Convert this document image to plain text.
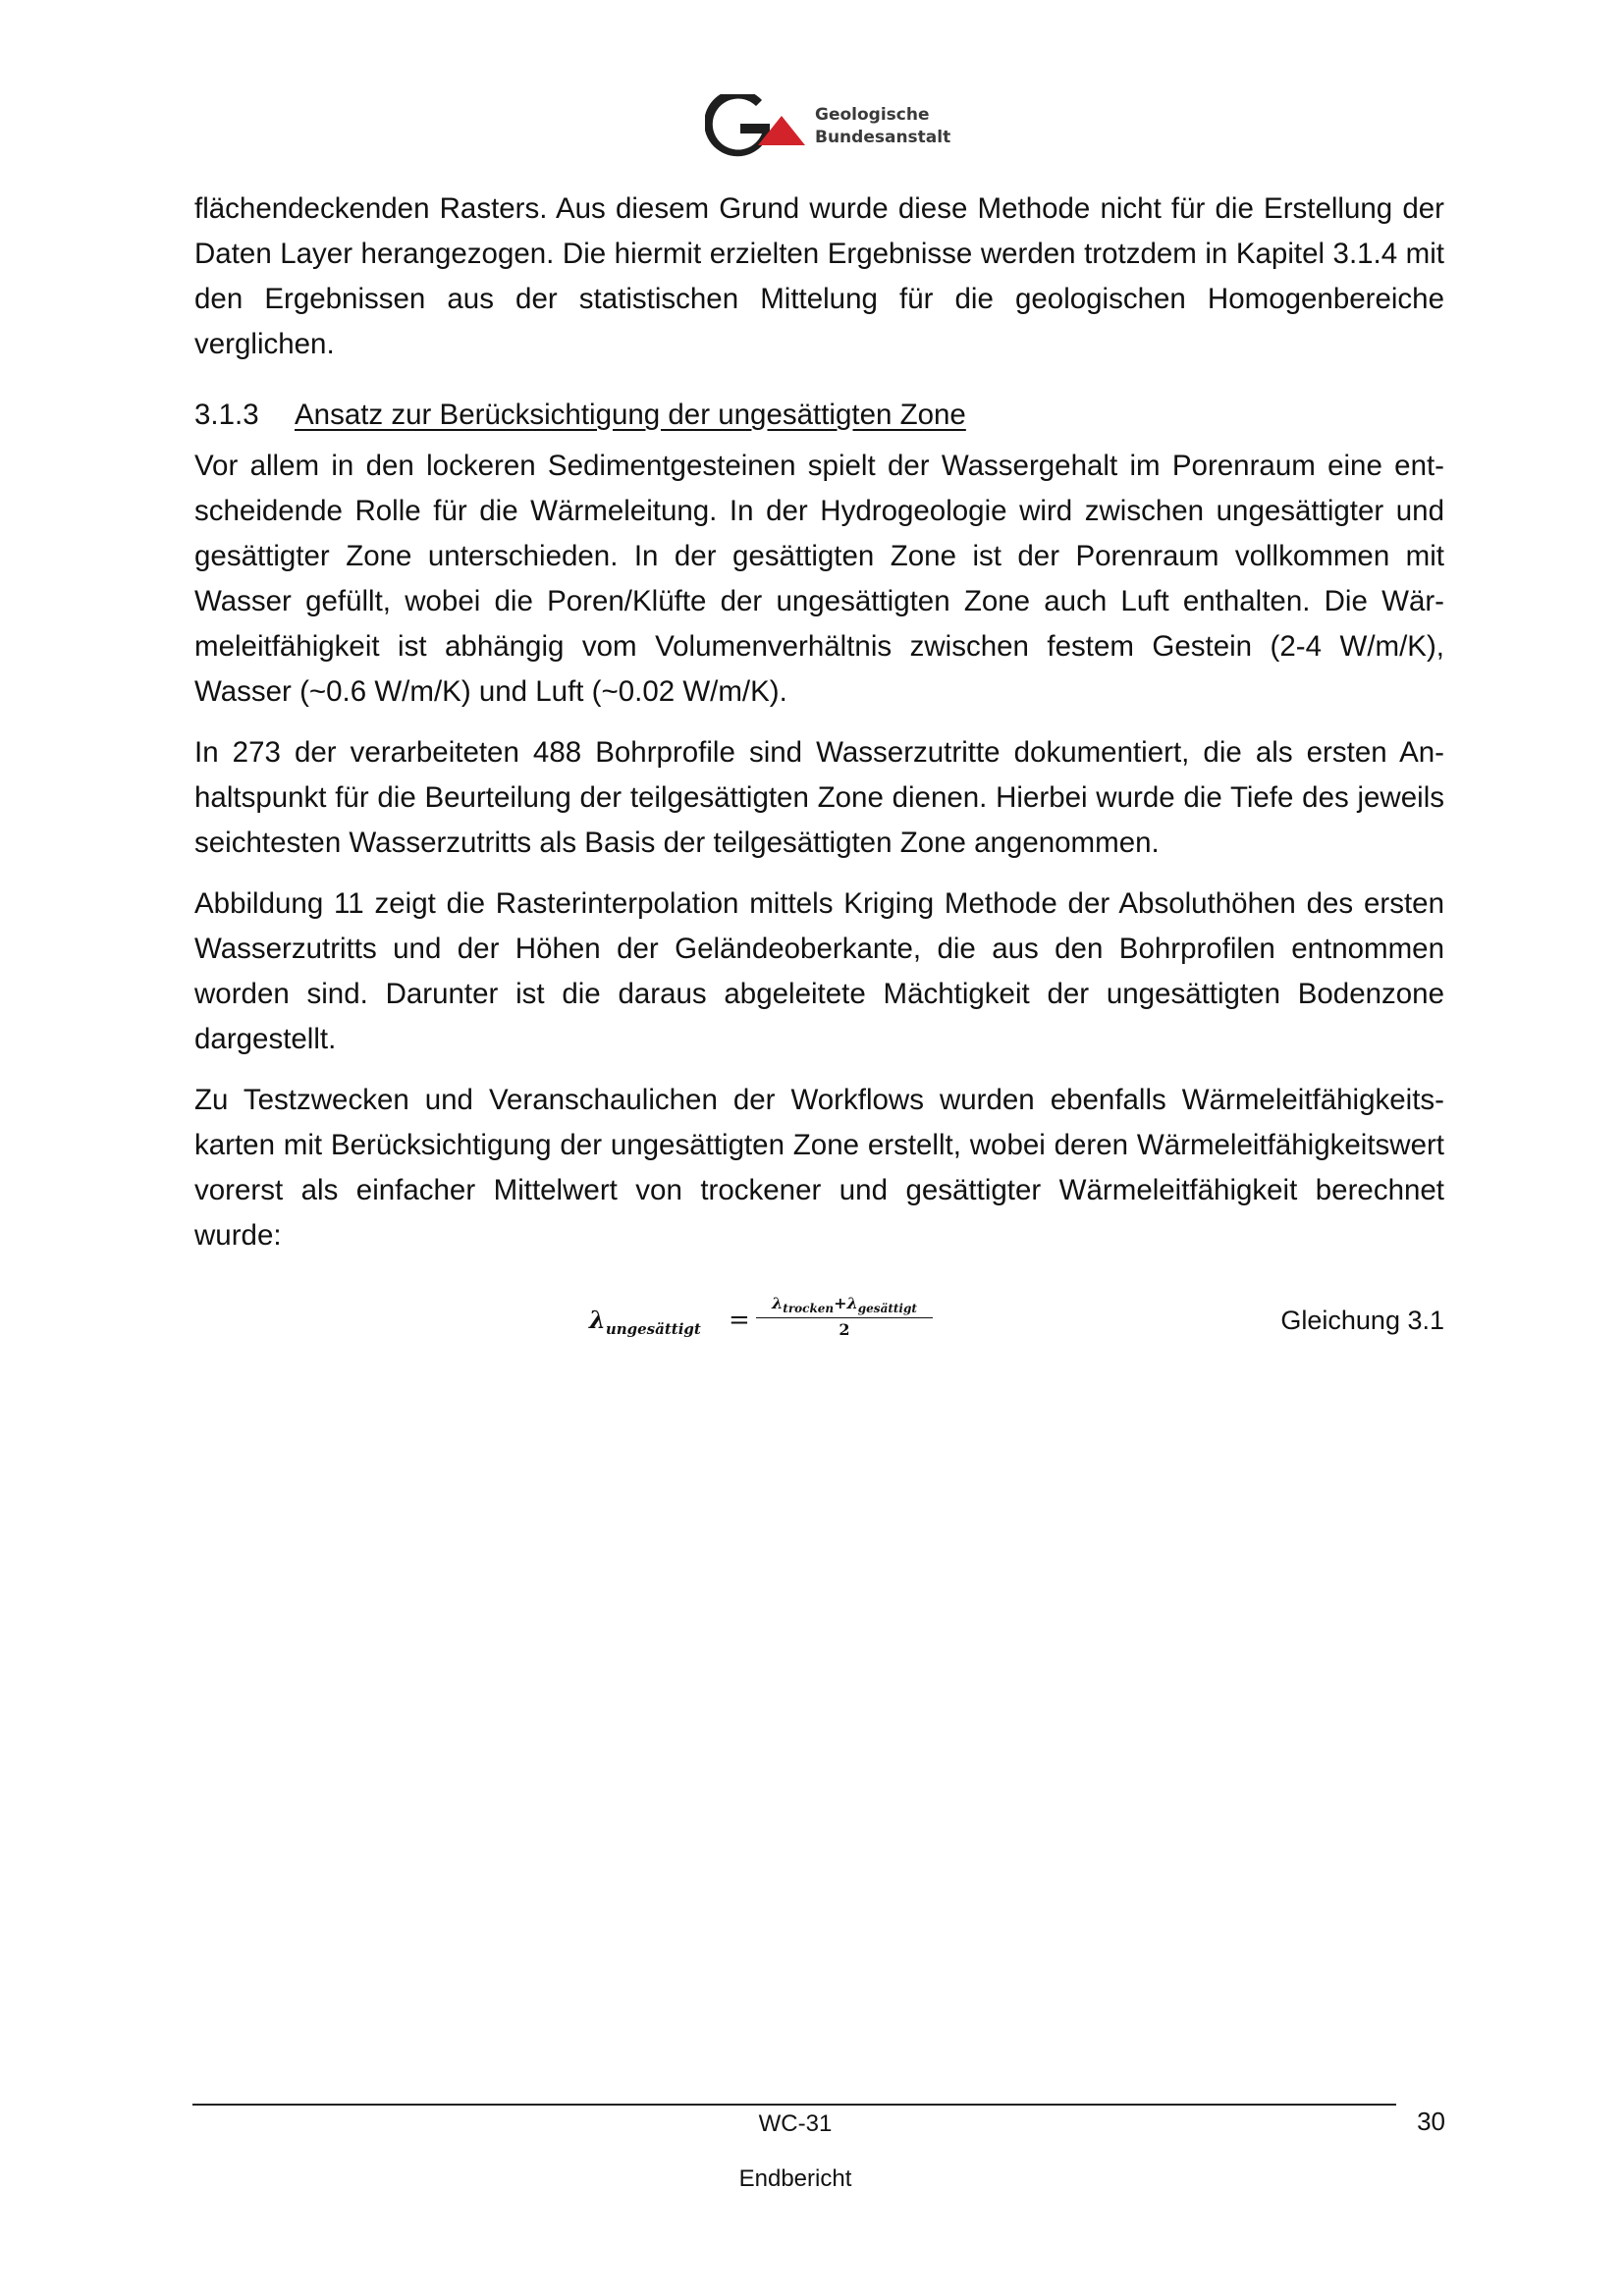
Geologische
Bundesanstalt

flächendeckenden Rasters. Aus diesem Grund wurde diese Methode nicht für die Erstellung der Daten Layer herangezogen. Die hiermit erzielten Ergebnisse werden trotzdem in Kapitel 3.1.4 mit den Ergebnissen aus der statistischen Mittelung für die geologischen Homogenbereiche verglichen.

3.1.3 Ansatz zur Berücksichtigung der ungesättigten Zone

Vor allem in den lockeren Sedimentgesteinen spielt der Wassergehalt im Porenraum eine entscheidende Rolle für die Wärmeleitung. In der Hydrogeologie wird zwischen ungesättigter und gesättigter Zone unterschieden. In der gesättigten Zone ist der Porenraum vollkommen mit Wasser gefüllt, wobei die Poren/Klüfte der ungesättigten Zone auch Luft enthalten. Die Wärmeleitfähigkeit ist abhängig vom Volumenverhältnis zwischen festem Gestein (2-4 W/m/K), Wasser (~0.6 W/m/K) und Luft (~0.02 W/m/K).

In 273 der verarbeiteten 488 Bohrprofile sind Wasserzutritte dokumentiert, die als ersten Anhaltspunkt für die Beurteilung der teilgesättigten Zone dienen. Hierbei wurde die Tiefe des jeweils seichtesten Wasserzutritts als Basis der teilgesättigten Zone angenommen.

Abbildung 11 zeigt die Rasterinterpolation mittels Kriging Methode der Absoluthöhen des ersten Wasserzutritts und der Höhen der Geländeoberkante, die aus den Bohrprofilen entnommen worden sind. Darunter ist die daraus abgeleitete Mächtigkeit der ungesättigten Bodenzone dargestellt.

Zu Testzwecken und Veranschaulichen der Workflows wurden ebenfalls Wärmeleitfähigkeitskarten mit Berücksichtigung der ungesättigten Zone erstellt, wobei deren Wärmeleitfähigkeitswert vorerst als einfacher Mittelwert von trockener und gesättigter Wärmeleitfähigkeit berechnet wurde:

$\lambda_{ungesättigt}$ =
$\lambda_{trocken}+\lambda_{gesättigt}$
2	Gleichung 3.1
WC-31	30
Endbericht
